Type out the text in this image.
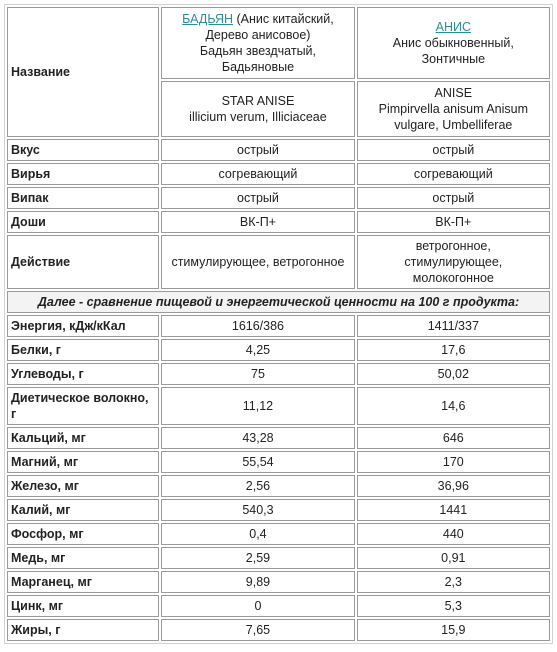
Название	БАДЬЯН (Анис китайский,
Дерево анисовое)
Бадьян звездчатый,
Бадьяновые	АНИС
Анис обыкновенный,
Зонтичные

	STAR ANISE
illicium verum, Illiciaceae	ANISE
Pimpirvella anisum Anisum
vulgare, Umbelliferae

Вкус	острый	острый
Вирья	согревающий	согревающий
Випак	острый	острый
Доши	ВК-П+	ВК-П+
Действие	стимулирующее, ветрогонное	ветрогонное,
стимулирующее,
молокогонное

Далее - сравнение пищевой и энергетической ценности на 100 г продукта:		
Энергия, кДж/кКал	1616/386	1411/337
Белки, г	4,25	17,6
Углеводы, г	75	50,02
Диетическое волокно, г	11,12	14,6
Кальций, мг	43,28	646
Магний, мг	55,54	170
Железо, мг	2,56	36,96
Калий, мг	540,3	1441
Фосфор, мг	0,4	440
Медь, мг	2,59	0,91
Марганец, мг	9,89	2,3
Цинк, мг	0	5,3
Жиры, г	7,65	15,9
